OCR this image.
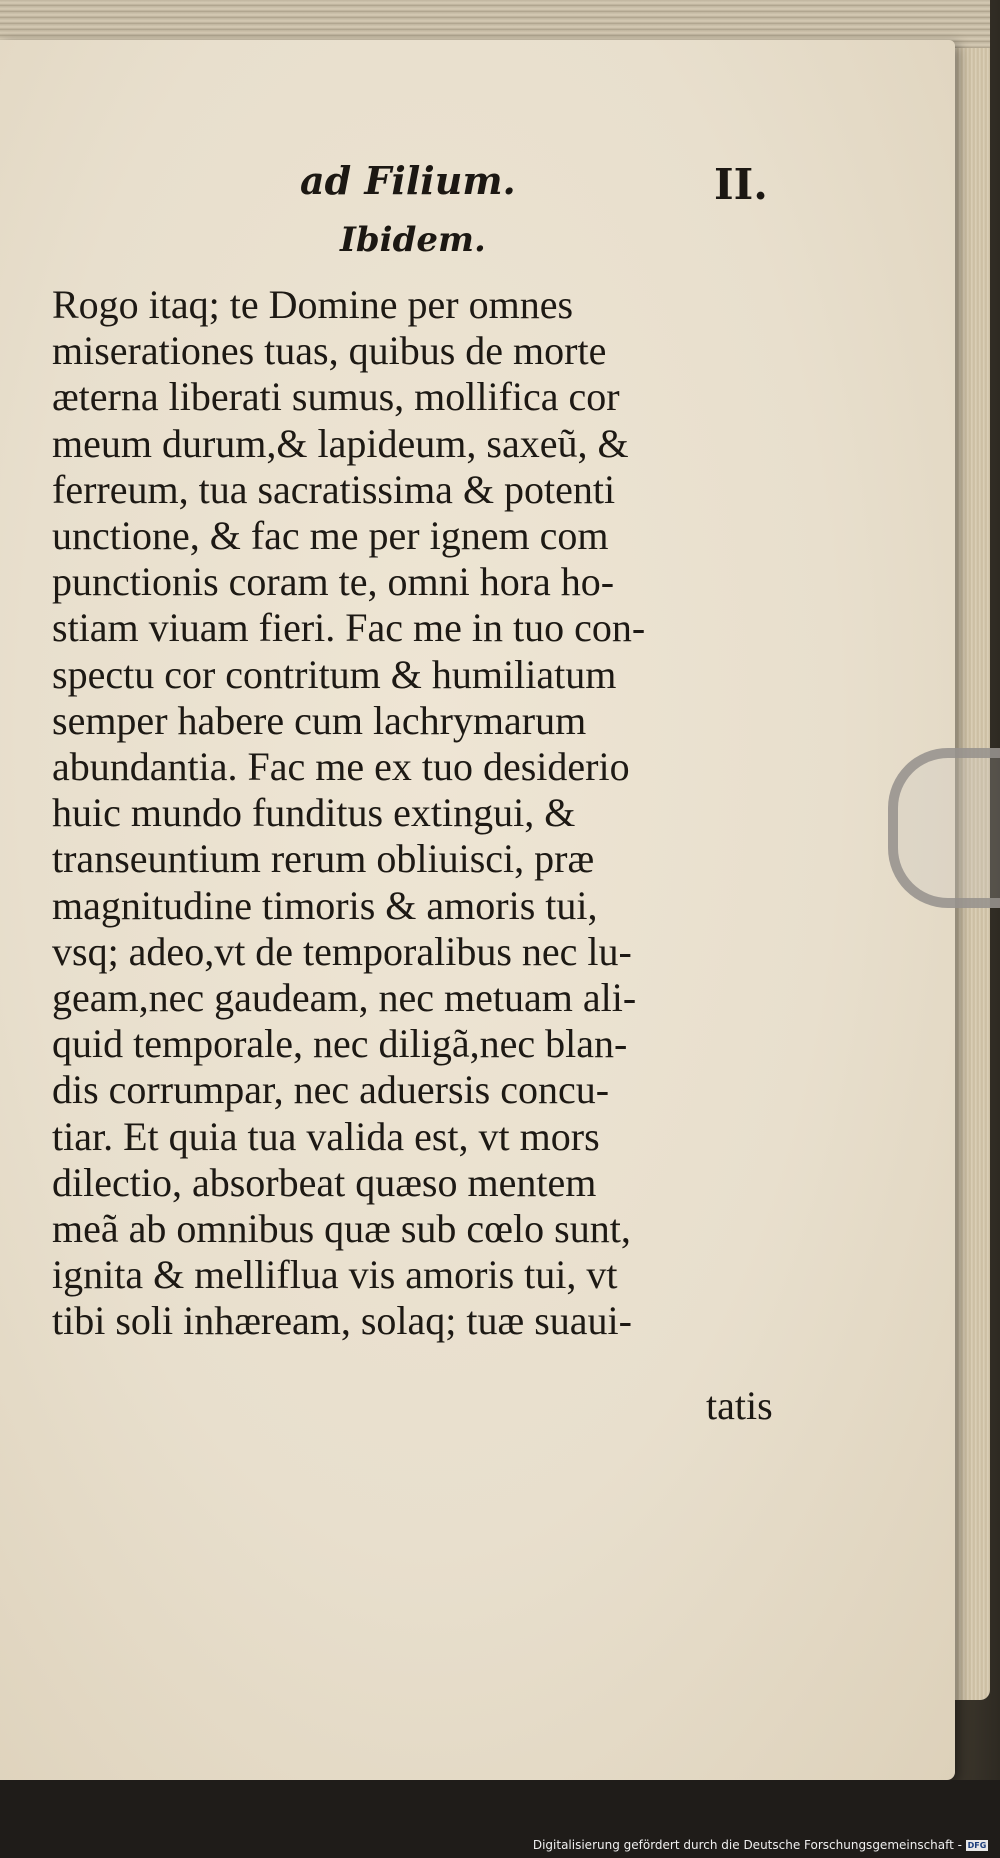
ad Filium.	II.
Ibidem.
Rogo itaq; te Domine per omnes
miserationes tuas, quibus de morte
æterna liberati sumus, mollifica cor
meum durum,& lapideum, saxeũ, &
ferreum, tua sacratissima & potenti
unctione, & fac me per ignem com
punctionis coram te, omni hora ho-
stiam viuam fieri. Fac me in tuo con-
spectu cor contritum & humiliatum
semper habere cum lachrymarum
abundantia. Fac me ex tuo desiderio
huic mundo funditus extingui, &
transeuntium rerum obliuisci, præ
magnitudine timoris & amoris tui,
vsq; adeo,vt de temporalibus nec lu-
geam,nec gaudeam, nec metuam ali-
quid temporale, nec diligã,nec blan-
dis corrumpar, nec aduersis concu-
tiar. Et quia tua valida est, vt mors
dilectio, absorbeat quæso mentem
meã ab omnibus quæ sub cœlo sunt,
ignita & melliflua vis amoris tui, vt
tibi soli inhæream, solaq; tuæ suaui-
tatis
Digitalisierung gefördert durch die Deutsche Forschungsgemeinschaft - DFG
